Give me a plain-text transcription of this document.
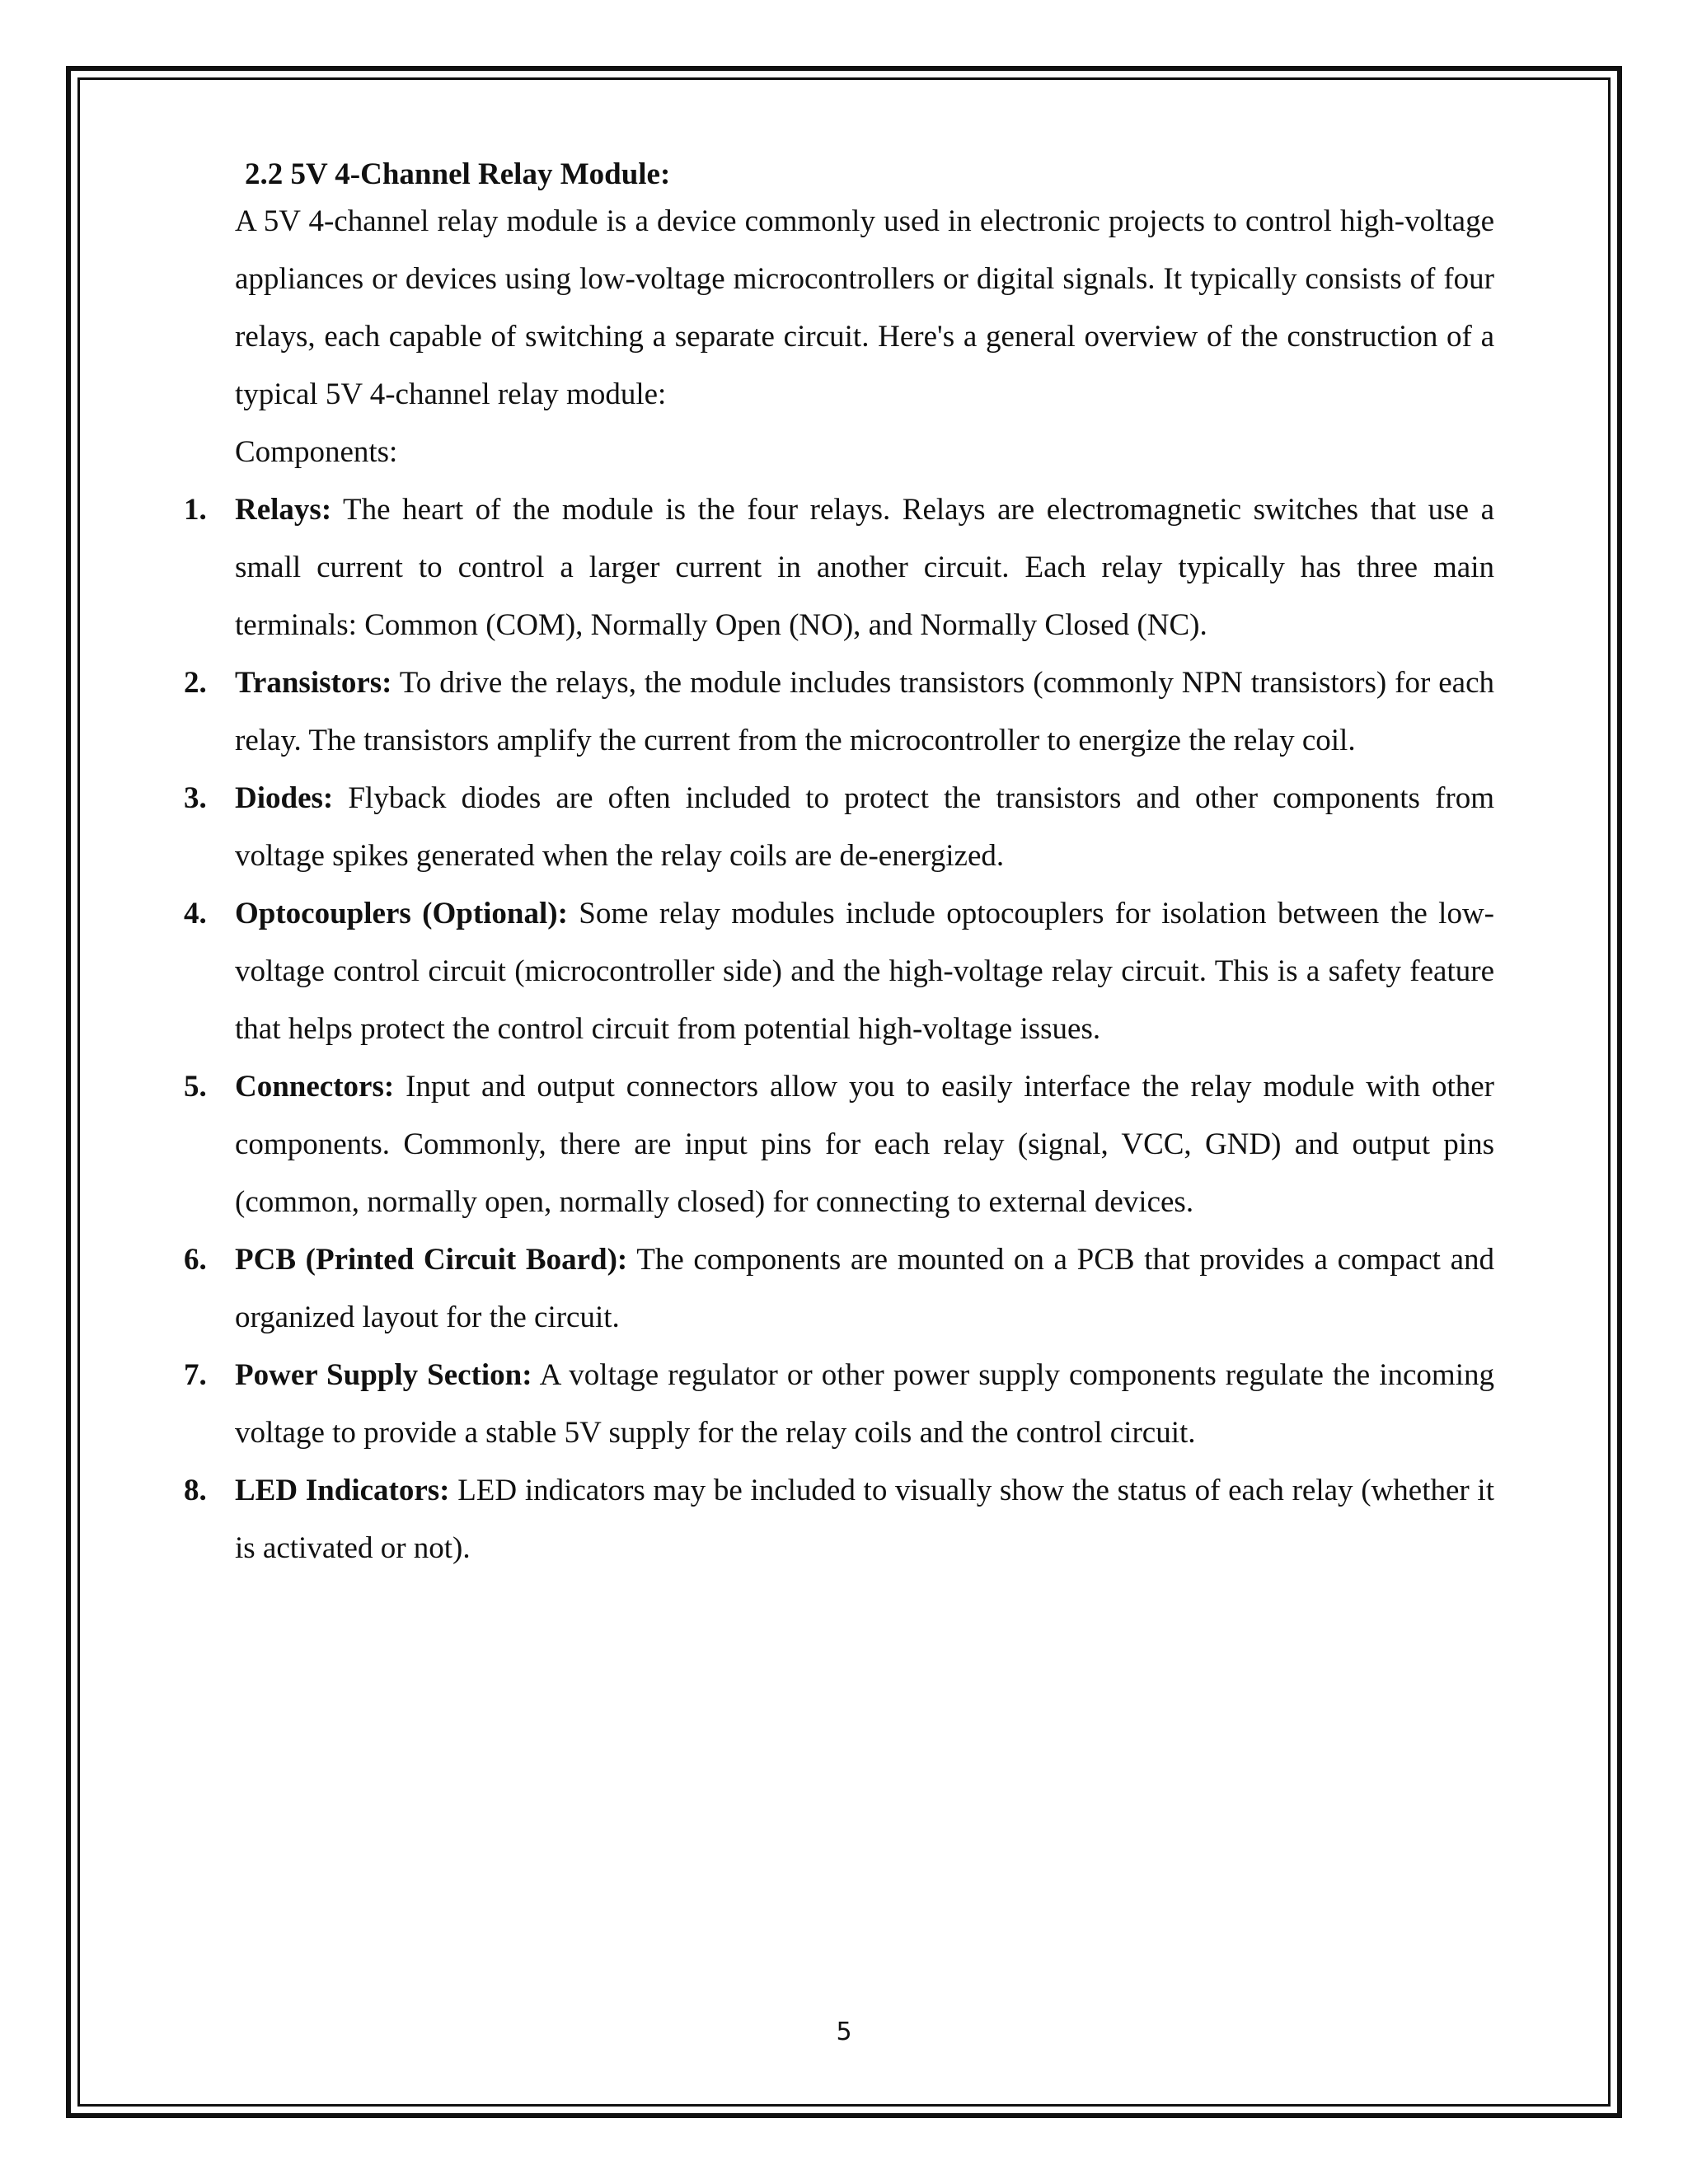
2.2 5V 4-Channel Relay Module:

A 5V 4-channel relay module is a device commonly used in electronic projects to control high-voltage appliances or devices using low-voltage microcontrollers or digital signals. It typically consists of four relays, each capable of switching a separate circuit. Here's a general overview of the construction of a typical 5V 4-channel relay module:

Components:

1. Relays: The heart of the module is the four relays. Relays are electromagnetic switches that use a small current to control a larger current in another circuit. Each relay typically has three main terminals: Common (COM), Normally Open (NO), and Normally Closed (NC).
2. Transistors: To drive the relays, the module includes transistors (commonly NPN transistors) for each relay. The transistors amplify the current from the microcontroller to energize the relay coil.
3. Diodes: Flyback diodes are often included to protect the transistors and other components from voltage spikes generated when the relay coils are de-energized.
4. Optocouplers (Optional): Some relay modules include optocouplers for isolation between the low-voltage control circuit (microcontroller side) and the high-voltage relay circuit. This is a safety feature that helps protect the control circuit from potential high-voltage issues.
5. Connectors: Input and output connectors allow you to easily interface the relay module with other components. Commonly, there are input pins for each relay (signal, VCC, GND) and output pins (common, normally open, normally closed) for connecting to external devices.
6. PCB (Printed Circuit Board): The components are mounted on a PCB that provides a compact and organized layout for the circuit.
7. Power Supply Section: A voltage regulator or other power supply components regulate the incoming voltage to provide a stable 5V supply for the relay coils and the control circuit.
8. LED Indicators: LED indicators may be included to visually show the status of each relay (whether it is activated or not).
5
